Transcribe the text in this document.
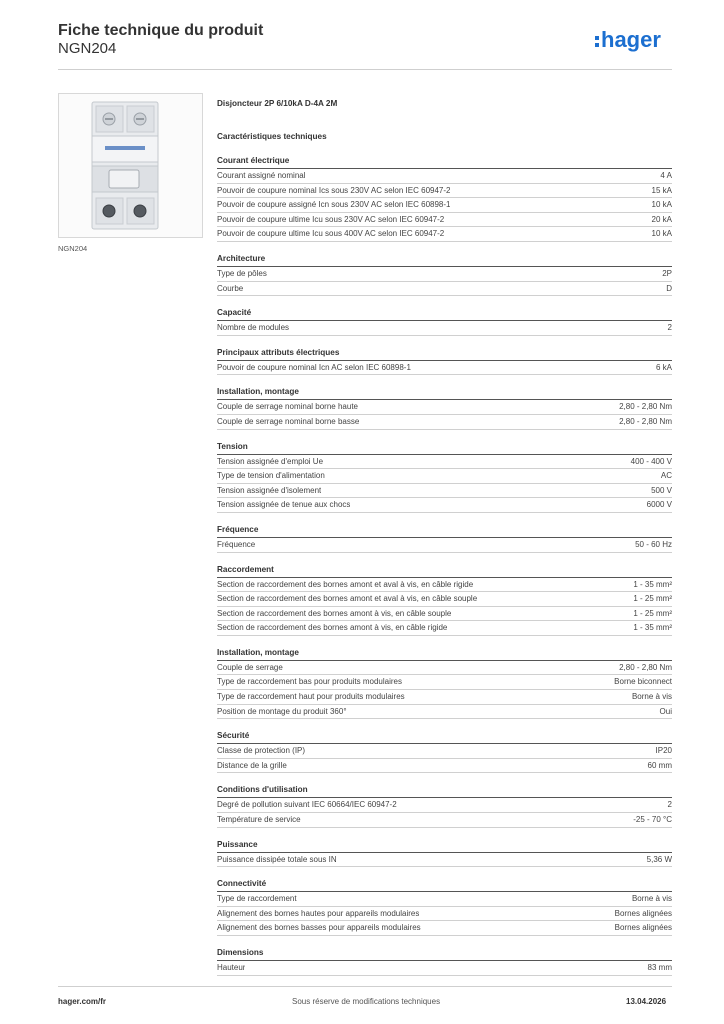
Fiche technique du produit
NGN204	hager
NGN204
Disjoncteur 2P 6/10kA D-4A 2M
Caractéristiques techniques
Courant électrique
Courant assigné nominal	4 A
Pouvoir de coupure nominal Ics sous 230V AC selon IEC 60947-2	15 kA
Pouvoir de coupure assigné Icn sous 230V AC selon IEC 60898-1	10 kA
Pouvoir de coupure ultime Icu sous 230V AC selon IEC 60947-2	20 kA
Pouvoir de coupure ultime Icu sous 400V AC selon IEC 60947-2	10 kA
Architecture
Type de pôles	2P
Courbe	D
Capacité
Nombre de modules	2
Principaux attributs électriques
Pouvoir de coupure nominal Icn AC selon IEC 60898-1	6 kA
Installation, montage
Couple de serrage nominal borne haute	2,80 - 2,80 Nm
Couple de serrage nominal borne basse	2,80 - 2,80 Nm
Tension
Tension assignée d'emploi Ue	400 - 400 V
Type de tension d'alimentation	AC
Tension assignée d'isolement	500 V
Tension assignée de tenue aux chocs	6000 V
Fréquence
Fréquence	50 - 60 Hz
Raccordement
Section de raccordement des bornes amont et aval à vis, en câble rigide	1 - 35 mm²
Section de raccordement des bornes amont et aval à vis, en câble souple	1 - 25 mm²
Section de raccordement des bornes amont à vis, en câble souple	1 - 25 mm²
Section de raccordement des bornes amont à vis, en câble rigide	1 - 35 mm²
Installation, montage
Couple de serrage	2,80 - 2,80 Nm
Type de raccordement bas pour produits modulaires	Borne biconnect
Type de raccordement haut pour produits modulaires	Borne à vis
Position de montage du produit 360°	Oui
Sécurité
Classe de protection (IP)	IP20
Distance de la grille	60 mm
Conditions d'utilisation
Degré de pollution suivant IEC 60664/IEC 60947-2	2
Température de service	-25 - 70 °C
Puissance
Puissance dissipée totale sous IN	5,36 W
Connectivité
Type de raccordement	Borne à vis
Alignement des bornes hautes pour appareils modulaires	Bornes alignées
Alignement des bornes basses pour appareils modulaires	Bornes alignées
Dimensions
Hauteur	83 mm
hager.com/fr	Sous réserve de modifications techniques	13.04.2026
